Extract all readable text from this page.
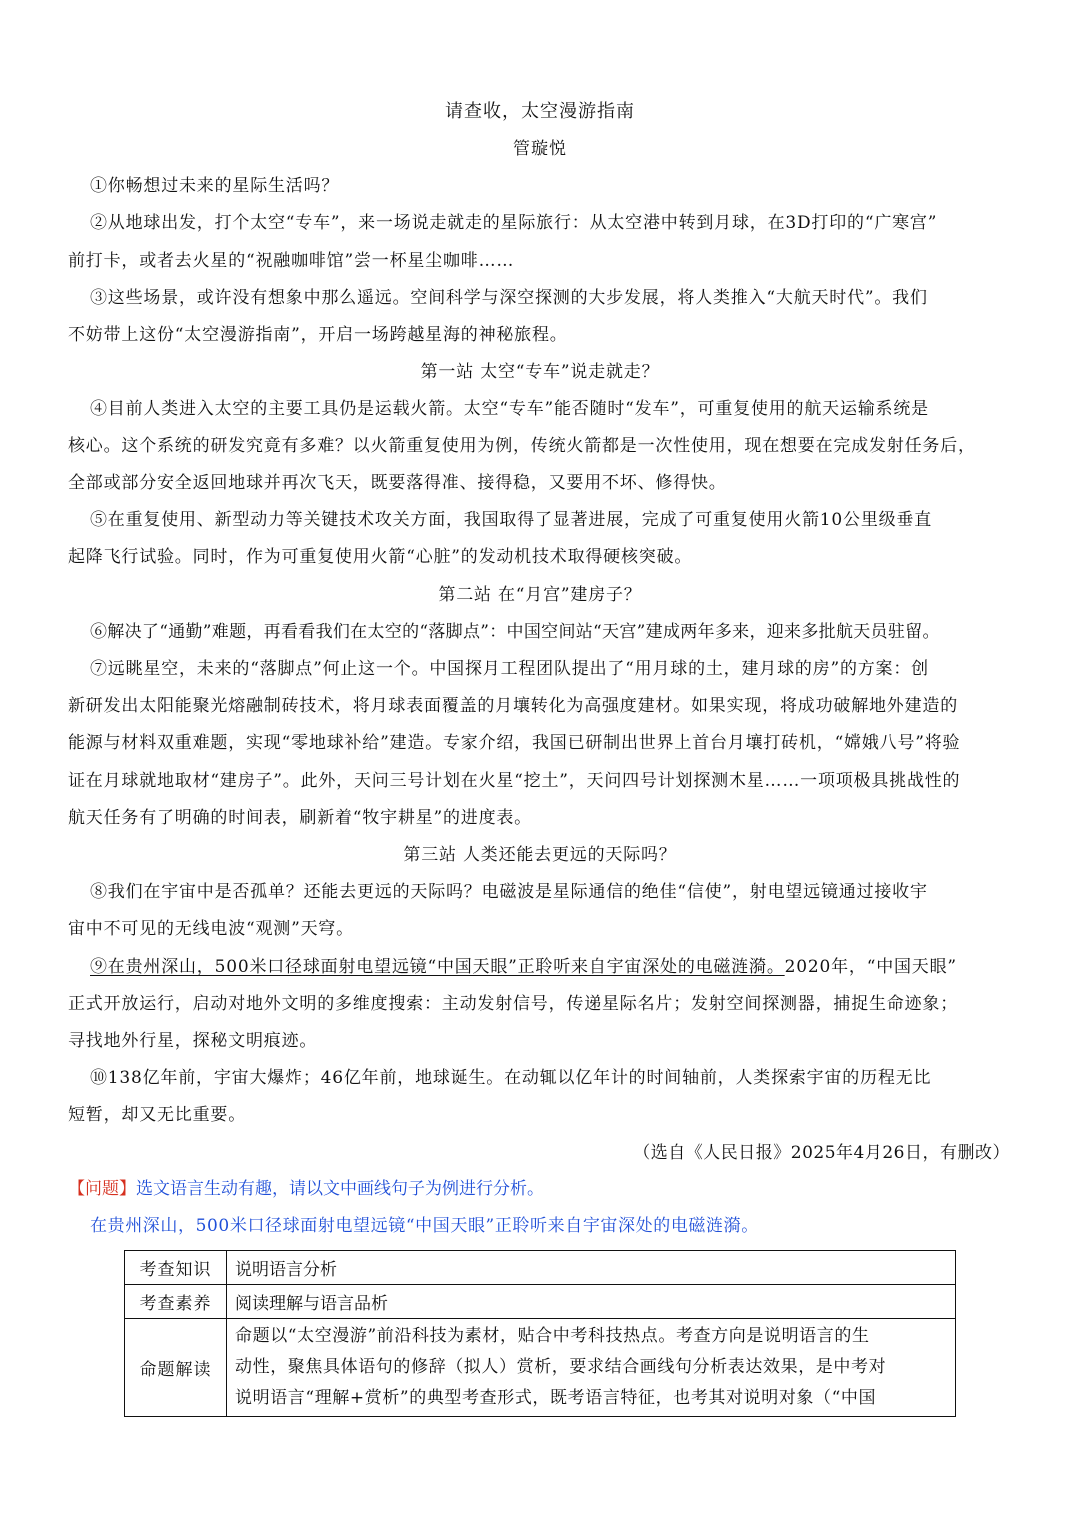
请查收，太空漫游指南
管璇悦
①你畅想过未来的星际生活吗？
②从地球出发，打个太空“专车”，来一场说走就走的星际旅行：从太空港中转到月球，在3D打印的“广寒宫”
前打卡，或者去火星的“祝融咖啡馆”尝一杯星尘咖啡……
③这些场景，或许没有想象中那么遥远。空间科学与深空探测的大步发展，将人类推入“大航天时代”。我们
不妨带上这份“太空漫游指南”，开启一场跨越星海的神秘旅程。
第一站 太空“专车”说走就走？
④目前人类进入太空的主要工具仍是运载火箭。太空“专车”能否随时“发车”，可重复使用的航天运输系统是
核心。这个系统的研发究竟有多难？以火箭重复使用为例，传统火箭都是一次性使用，现在想要在完成发射任务后，
全部或部分安全返回地球并再次飞天，既要落得准、接得稳，又要用不坏、修得快。
⑤在重复使用、新型动力等关键技术攻关方面，我国取得了显著进展，完成了可重复使用火箭10公里级垂直
起降飞行试验。同时，作为可重复使用火箭“心脏”的发动机技术取得硬核突破。
第二站 在“月宫”建房子？
⑥解决了“通勤”难题，再看看我们在太空的“落脚点”：中国空间站“天宫”建成两年多来，迎来多批航天员驻留。
⑦远眺星空，未来的“落脚点”何止这一个。中国探月工程团队提出了“用月球的土，建月球的房”的方案：创
新研发出太阳能聚光熔融制砖技术，将月球表面覆盖的月壤转化为高强度建材。如果实现，将成功破解地外建造的
能源与材料双重难题，实现“零地球补给”建造。专家介绍，我国已研制出世界上首台月壤打砖机，“嫦娥八号”将验
证在月球就地取材“建房子”。此外，天问三号计划在火星“挖土”，天问四号计划探测木星……一项项极具挑战性的
航天任务有了明确的时间表，刷新着“牧宇耕星”的进度表。
第三站 人类还能去更远的天际吗？
⑧我们在宇宙中是否孤单？还能去更远的天际吗？电磁波是星际通信的绝佳“信使”，射电望远镜通过接收宇
宙中不可见的无线电波“观测”天穹。
⑨在贵州深山，500米口径球面射电望远镜“中国天眼”正聆听来自宇宙深处的电磁涟漪。2020年，“中国天眼”
正式开放运行，启动对地外文明的多维度搜索：主动发射信号，传递星际名片；发射空间探测器，捕捉生命迹象；
寻找地外行星，探秘文明痕迹。
⑩138亿年前，宇宙大爆炸；46亿年前，地球诞生。在动辄以亿年计的时间轴前，人类探索宇宙的历程无比
短暂，却又无比重要。
（选自《人民日报》2025年4月26日，有删改）
【问题】选文语言生动有趣，请以文中画线句子为例进行分析。
在贵州深山，500米口径球面射电望远镜“中国天眼”正聆听来自宇宙深处的电磁涟漪。
考查知识	说明语言分析
考查素养	阅读理解与语言品析
命题解读	命题以“太空漫游”前沿科技为素材，贴合中考科技热点。考查方向是说明语言的生
动性，聚焦具体语句的修辞（拟人）赏析，要求结合画线句分析表达效果，是中考对
说明语言“理解+赏析”的典型考查形式，既考语言特征，也考其对说明对象（“中国
